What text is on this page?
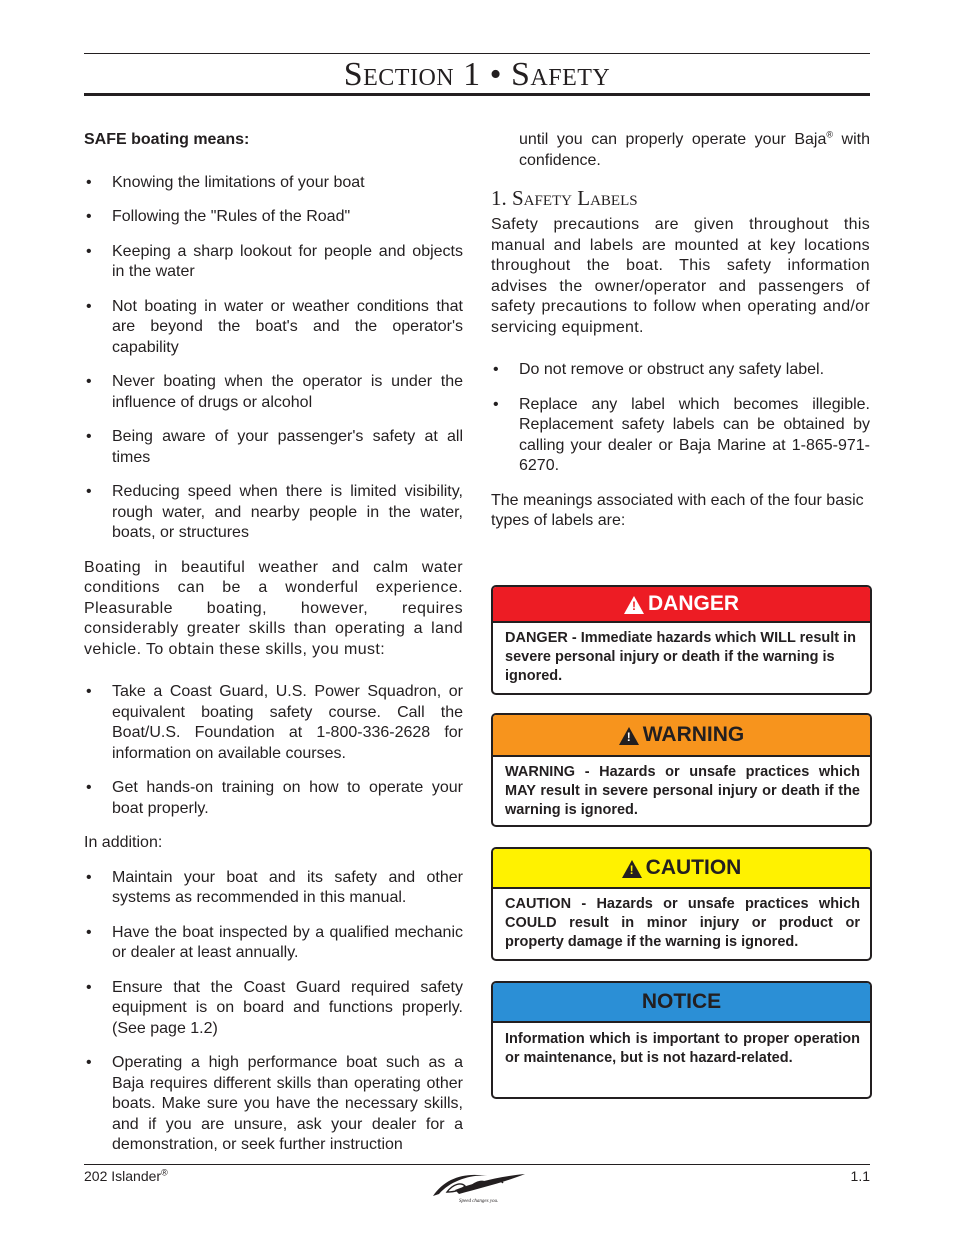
Section 1 • Safety

SAFE boating means:

• Knowing the limitations of your boat
• Following the "Rules of the Road"
• Keeping a sharp lookout for people and objects in the water
• Not boating in water or weather conditions that are beyond the boat's and the operator's capability
• Never boating when the operator is under the influence of drugs or alcohol
• Being aware of your passenger's safety at all times
• Reducing speed when there is limited visibility, rough water, and nearby people in the water, boats, or structures

Boating in beautiful weather and calm water conditions can be a wonderful experience. Pleasurable boating, however, requires considerably greater skills than operating a land vehicle. To obtain these skills, you must:

• Take a Coast Guard, U.S. Power Squadron, or equivalent boating safety course. Call the Boat/U.S. Foundation at 1-800-336-2628 for information on available courses.
• Get hands-on training on how to operate your boat properly.

In addition:

• Maintain your boat and its safety and other systems as recommended in this manual.
• Have the boat inspected by a qualified mechanic or dealer at least annually.
• Ensure that the Coast Guard required safety equipment is on board and functions properly. (See page 1.2)
• Operating a high performance boat such as a Baja requires different skills than operating other boats. Make sure you have the necessary skills, and if you are unsure, ask your dealer for a demonstration, or seek further instruction

until you can properly operate your Baja® with confidence.

1. Safety Labels

Safety precautions are given throughout this manual and labels are mounted at key locations throughout the boat. This safety information advises the owner/operator and passengers of safety precautions to follow when operating and/or servicing equipment.

• Do not remove or obstruct any safety label.
• Replace any label which becomes illegible. Replacement safety labels can be obtained by calling your dealer or Baja Marine at 1-865-971-6270.

The meanings associated with each of the four basic types of labels are:

! DANGER
DANGER - Immediate hazards which WILL result in severe personal injury or death if the warning is ignored.
! WARNING
WARNING - Hazards or unsafe practices which MAY result in severe personal injury or death if the warning is ignored.
! CAUTION
CAUTION - Hazards or unsafe practices which COULD result in minor injury or product or property damage if the warning is ignored.
NOTICE
Information which is important to proper operation or maintenance, but is not hazard-related.
202 Islander®
Speed changes you.
1.1
